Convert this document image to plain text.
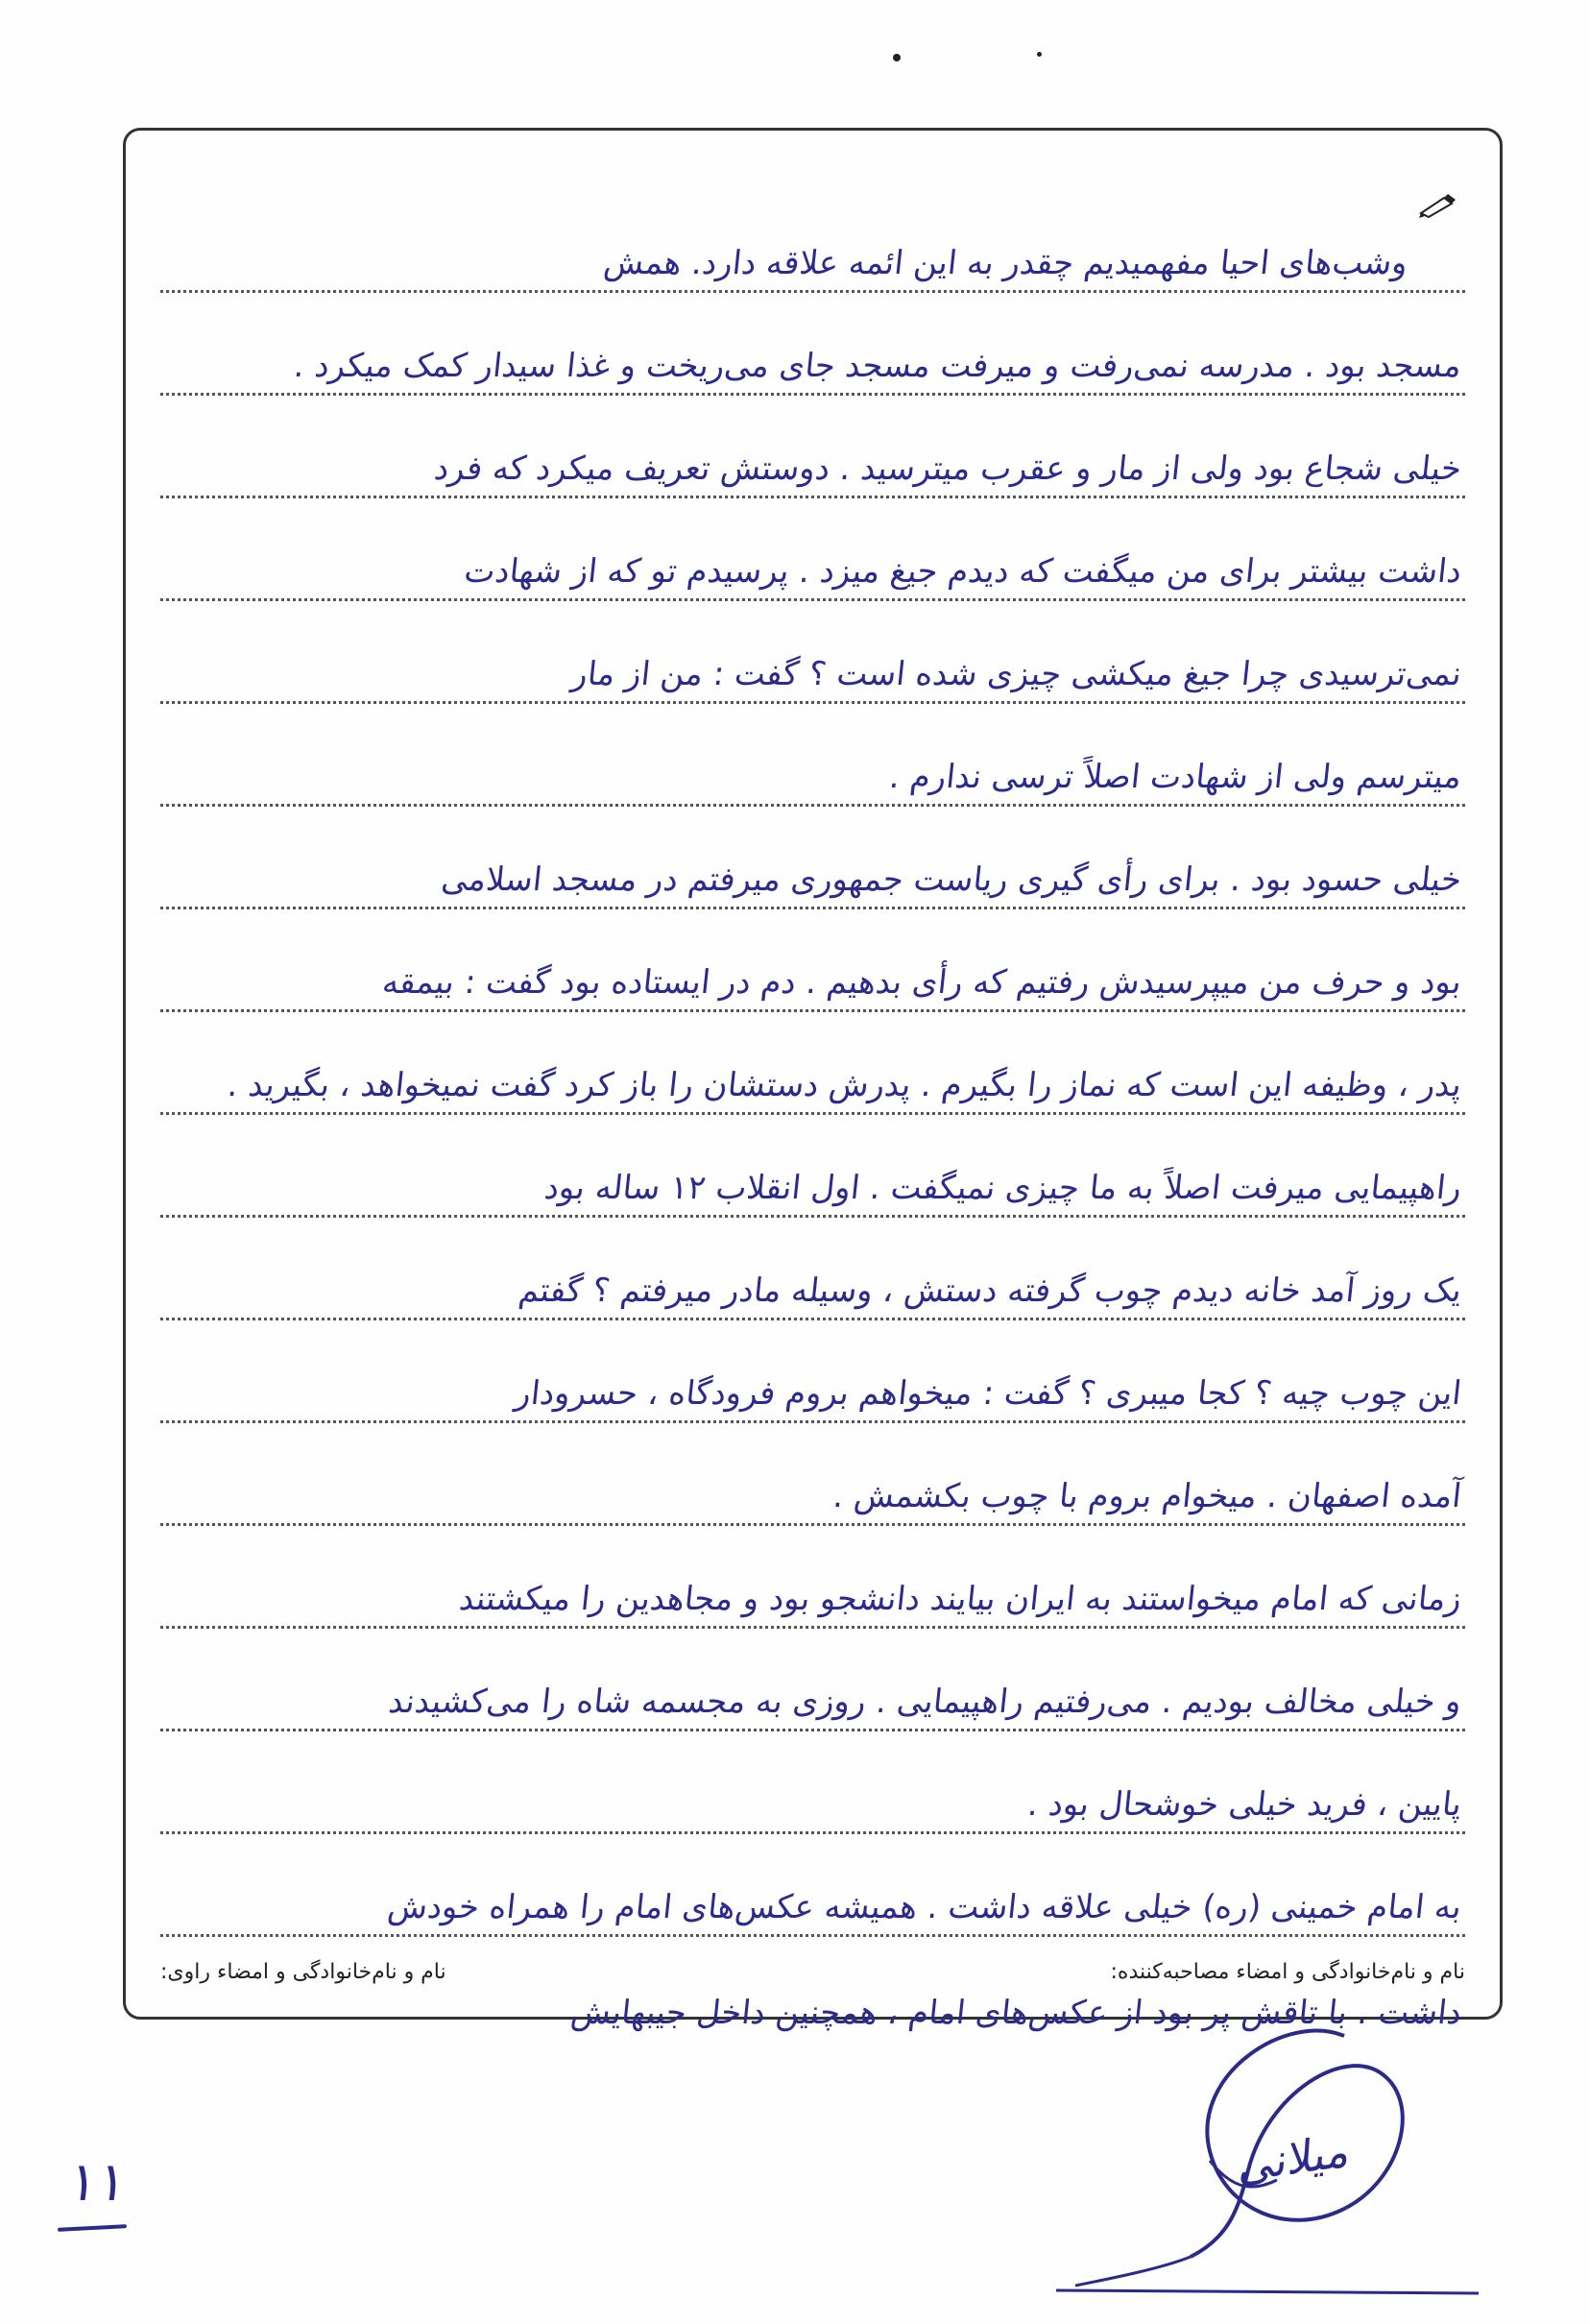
وشب‌های احیا مفهمیدیم چقدر به این ائمه علاقه دارد. همش
مسجد بود . مدرسه نمی‌رفت و میرفت مسجد جای می‌ریخت و غذا سیدار کمک میکرد .
خیلی شجاع بود ولی از مار و عقرب میترسید . دوستش تعریف میکرد که فرد
داشت بیشتر برای من میگفت که دیدم جیغ میزد . پرسیدم تو که از شهادت
نمی‌ترسیدی چرا جیغ میکشی چیزی شده است ؟ گفت : من از مار
میترسم ولی از شهادت اصلاً ترسی ندارم .
خیلی حسود بود . برای رأی گیری ریاست جمهوری میرفتم در مسجد اسلامی
بود و حرف من میپرسیدش رفتیم که رأی بدهیم . دم در ایستاده بود گفت : بیمقه
پدر ، وظیفه این است که نماز را بگیرم . پدرش دستشان را باز کرد گفت نمیخواهد ، بگیرید .
راهپیمایی میرفت اصلاً به ما چیزی نمیگفت . اول انقلاب ۱۲ ساله بود
یک روز آمد خانه دیدم چوب گرفته دستش ، وسیله مادر میرفتم ؟ گفتم
این چوب چیه ؟ کجا میبری ؟ گفت : میخواهم بروم فرودگاه ، حسرودار
آمده اصفهان . میخوام بروم با چوب بکشمش .
زمانی که امام میخواستند به ایران بیایند دانشجو بود و مجاهدین را میکشتند
و خیلی مخالف بودیم . می‌رفتیم راهپیمایی . روزی به مجسمه شاه را می‌کشیدند
پایین ، فرید خیلی خوشحال بود .
به امام خمینی (ره) خیلی علاقه داشت . همیشه عکس‌های امام را همراه خودش
داشت . با تاقش پر بود از عکس‌های امام ، همچنین داخل جیبهایش
نام و نام‌خانوادگی و امضاء مصاحبه‌کننده:
نام و نام‌خانوادگی و امضاء راوی:
میلانی
۱۱
